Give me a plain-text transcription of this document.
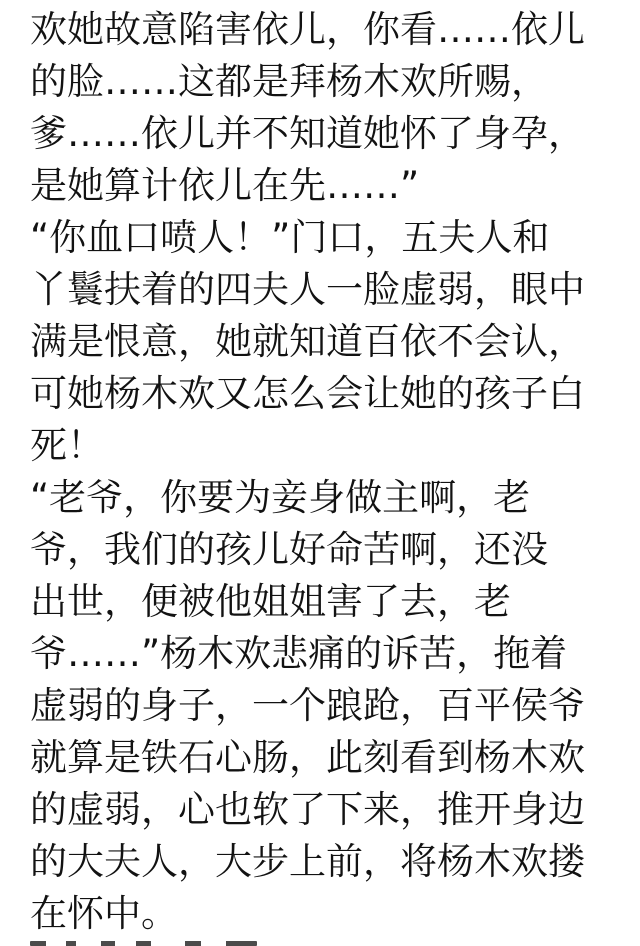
欢她故意陷害依儿，你看……依儿
的脸……这都是拜杨木欢所赐，
爹……依儿并不知道她怀了身孕，
是她算计依儿在先……”
“你血口喷人！”门口，五夫人和
丫鬟扶着的四夫人一脸虚弱，眼中
满是恨意，她就知道百依不会认，
可她杨木欢又怎么会让她的孩子白
死！
“老爷，你要为妾身做主啊，老
爷，我们的孩儿好命苦啊，还没
出世，便被他姐姐害了去，老
爷……”杨木欢悲痛的诉苦，拖着
虚弱的身子，一个踉跄，百平侯爷
就算是铁石心肠，此刻看到杨木欢
的虚弱，心也软了下来，推开身边
的大夫人，大步上前，将杨木欢搂
在怀中。
